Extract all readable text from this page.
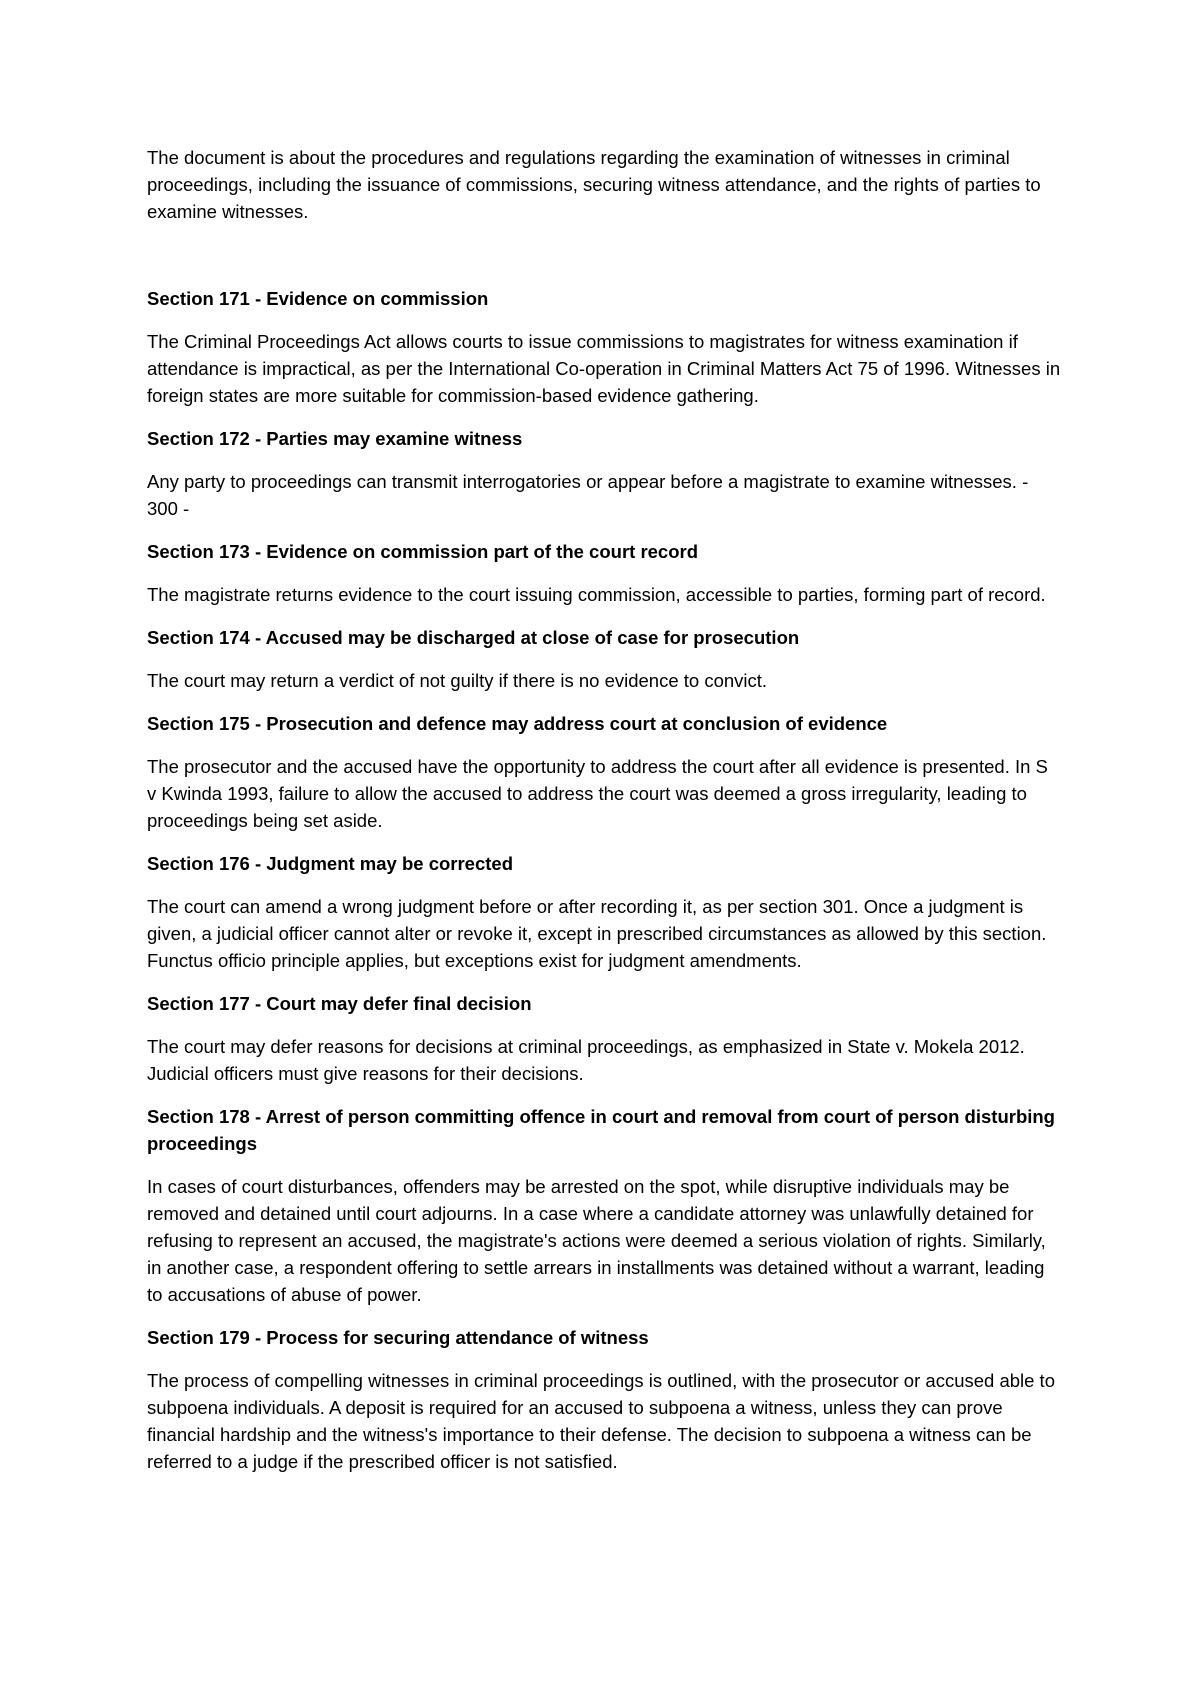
The document is about the procedures and regulations regarding the examination of witnesses in criminal proceedings, including the issuance of commissions, securing witness attendance, and the rights of parties to examine witnesses.

Section 171 - Evidence on commission

The Criminal Proceedings Act allows courts to issue commissions to magistrates for witness examination if attendance is impractical, as per the International Co-operation in Criminal Matters Act 75 of 1996. Witnesses in foreign states are more suitable for commission-based evidence gathering.

Section 172 - Parties may examine witness

Any party to proceedings can transmit interrogatories or appear before a magistrate to examine witnesses. - 300 -

Section 173 - Evidence on commission part of the court record

The magistrate returns evidence to the court issuing commission, accessible to parties, forming part of record.

Section 174 - Accused may be discharged at close of case for prosecution

The court may return a verdict of not guilty if there is no evidence to convict.

Section 175 - Prosecution and defence may address court at conclusion of evidence

The prosecutor and the accused have the opportunity to address the court after all evidence is presented. In S v Kwinda 1993, failure to allow the accused to address the court was deemed a gross irregularity, leading to proceedings being set aside.

Section 176 - Judgment may be corrected

The court can amend a wrong judgment before or after recording it, as per section 301. Once a judgment is given, a judicial officer cannot alter or revoke it, except in prescribed circumstances as allowed by this section. Functus officio principle applies, but exceptions exist for judgment amendments.

Section 177 - Court may defer final decision

The court may defer reasons for decisions at criminal proceedings, as emphasized in State v. Mokela 2012. Judicial officers must give reasons for their decisions.

Section 178 - Arrest of person committing offence in court and removal from court of person disturbing proceedings

In cases of court disturbances, offenders may be arrested on the spot, while disruptive individuals may be removed and detained until court adjourns. In a case where a candidate attorney was unlawfully detained for refusing to represent an accused, the magistrate's actions were deemed a serious violation of rights. Similarly, in another case, a respondent offering to settle arrears in installments was detained without a warrant, leading to accusations of abuse of power.

Section 179 - Process for securing attendance of witness

The process of compelling witnesses in criminal proceedings is outlined, with the prosecutor or accused able to subpoena individuals. A deposit is required for an accused to subpoena a witness, unless they can prove financial hardship and the witness's importance to their defense. The decision to subpoena a witness can be referred to a judge if the prescribed officer is not satisfied.
